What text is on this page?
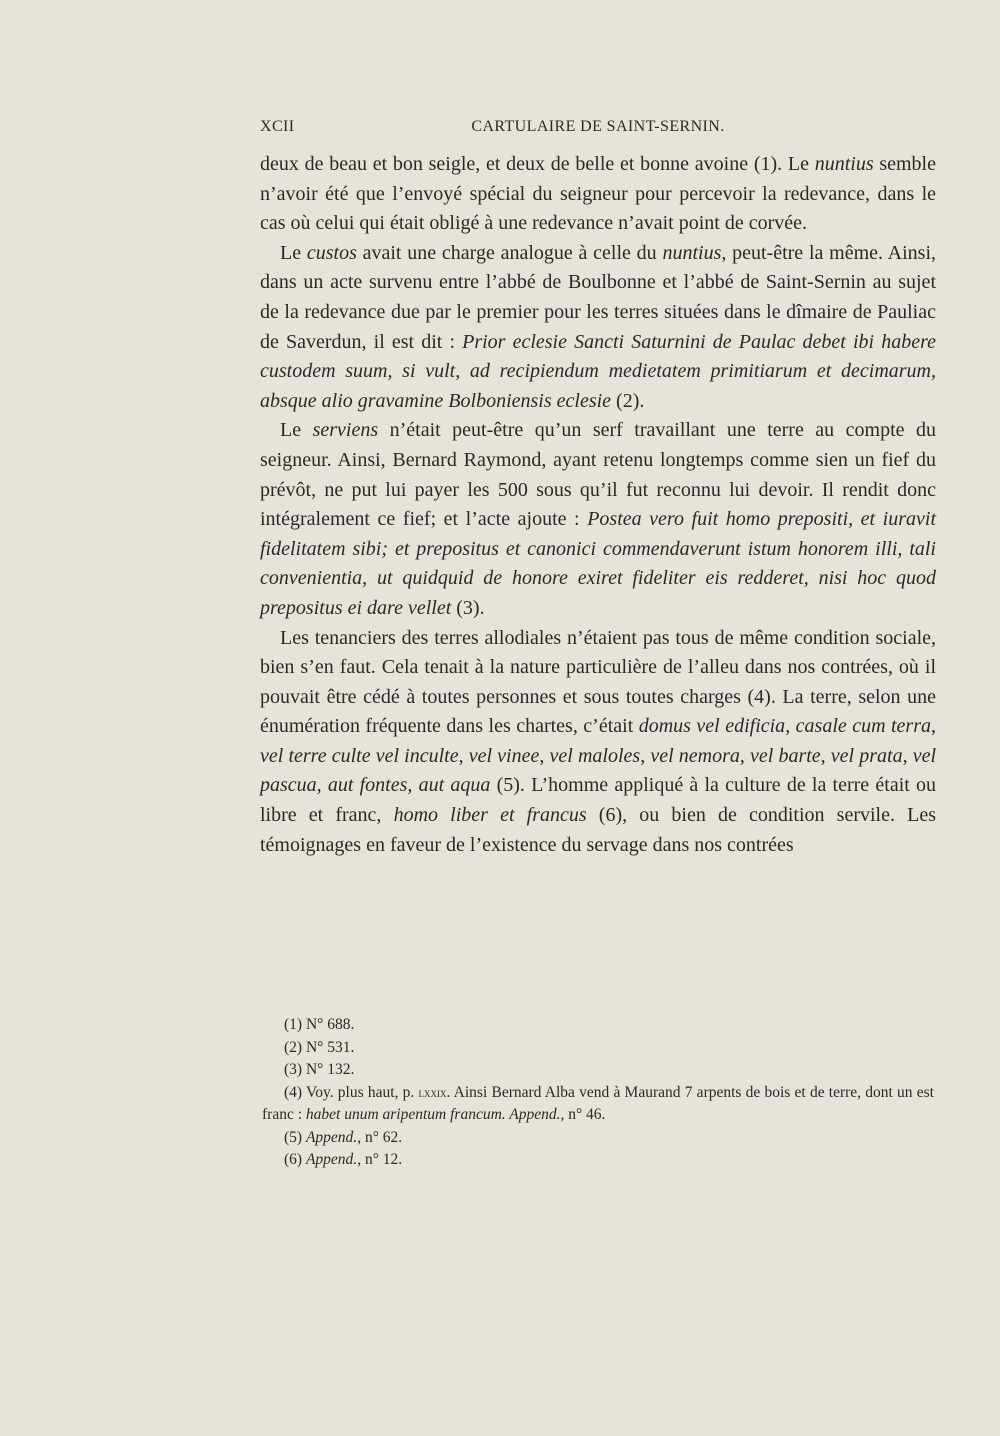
XCII	CARTULAIRE DE SAINT-SERNIN.

deux de beau et bon seigle, et deux de belle et bonne avoine (1). Le nuntius semble n’avoir été que l’envoyé spécial du seigneur pour percevoir la redevance, dans le cas où celui qui était obligé à une redevance n’avait point de corvée.

Le custos avait une charge analogue à celle du nuntius, peut-être la même. Ainsi, dans un acte survenu entre l’abbé de Boulbonne et l’abbé de Saint-Sernin au sujet de la redevance due par le premier pour les terres situées dans le dîmaire de Pauliac de Saverdun, il est dit : Prior eclesie Sancti Saturnini de Paulac debet ibi habere custodem suum, si vult, ad recipiendum medietatem primitiarum et decimarum, absque alio gravamine Bolboniensis eclesie (2).

Le serviens n’était peut-être qu’un serf travaillant une terre au compte du seigneur. Ainsi, Bernard Raymond, ayant retenu longtemps comme sien un fief du prévôt, ne put lui payer les 500 sous qu’il fut reconnu lui devoir. Il rendit donc intégralement ce fief; et l’acte ajoute : Postea vero fuit homo prepositi, et iuravit fidelitatem sibi; et prepositus et canonici commendaverunt istum honorem illi, tali convenientia, ut quidquid de honore exiret fideliter eis redderet, nisi hoc quod prepositus ei dare vellet (3).

Les tenanciers des terres allodiales n’étaient pas tous de même condition sociale, bien s’en faut. Cela tenait à la nature particulière de l’alleu dans nos contrées, où il pouvait être cédé à toutes personnes et sous toutes charges (4). La terre, selon une énumération fréquente dans les chartes, c’était domus vel edificia, casale cum terra, vel terre culte vel inculte, vel vinee, vel maloles, vel nemora, vel barte, vel prata, vel pascua, aut fontes, aut aqua (5). L’homme appliqué à la culture de la terre était ou libre et franc, homo liber et francus (6), ou bien de condition servile. Les témoignages en faveur de l’existence du servage dans nos contrées

(1) N° 688.

(2) N° 531.

(3) N° 132.

(4) Voy. plus haut, p. lxxix. Ainsi Bernard Alba vend à Maurand 7 arpents de bois et de terre, dont un est franc : habet unum aripentum francum. Append., n° 46.

(5) Append., n° 62.

(6) Append., n° 12.
